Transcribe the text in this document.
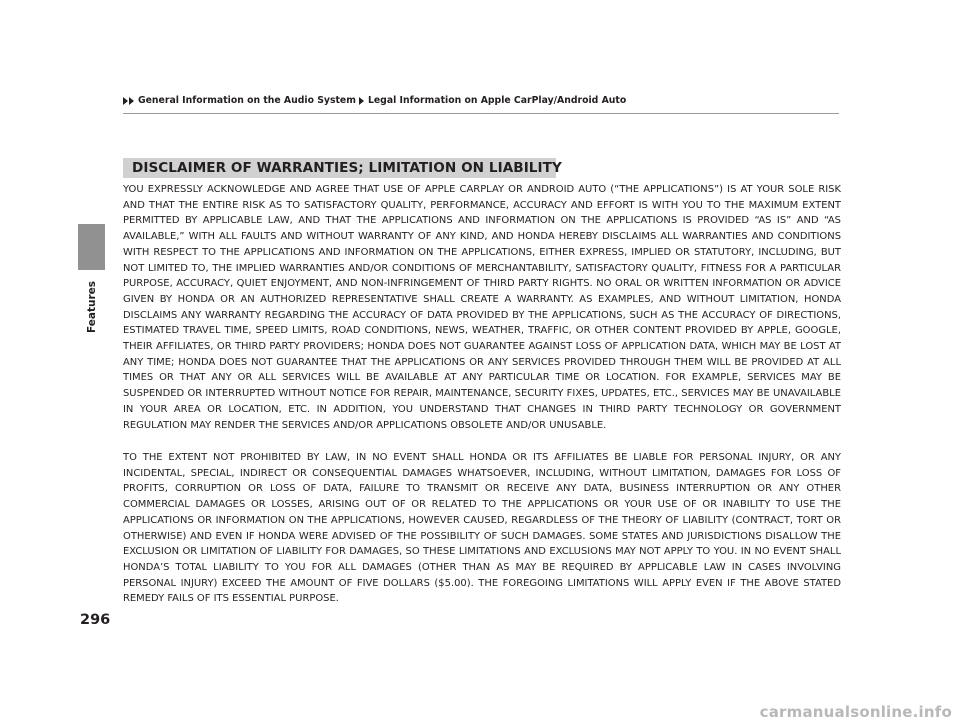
Features
General Information on the Audio System Legal Information on Apple CarPlay/Android Auto
DISCLAIMER OF WARRANTIES; LIMITATION ON LIABILITY

YOU EXPRESSLY ACKNOWLEDGE AND AGREE THAT USE OF APPLE CARPLAY OR ANDROID AUTO (“THE APPLICATIONS”) IS AT YOUR SOLE RISK AND THAT THE ENTIRE RISK AS TO SATISFACTORY QUALITY, PERFORMANCE, ACCURACY AND EFFORT IS WITH YOU TO THE MAXIMUM EXTENT PERMITTED BY APPLICABLE LAW, AND THAT THE APPLICATIONS AND INFORMATION ON THE APPLICATIONS IS PROVIDED “AS IS” AND “AS AVAILABLE,” WITH ALL FAULTS AND WITHOUT WARRANTY OF ANY KIND, AND HONDA HEREBY DISCLAIMS ALL WARRANTIES AND CONDITIONS WITH RESPECT TO THE APPLICATIONS AND INFORMATION ON THE APPLICATIONS, EITHER EXPRESS, IMPLIED OR STATUTORY, INCLUDING, BUT NOT LIMITED TO, THE IMPLIED WARRANTIES AND/OR CONDITIONS OF MERCHANTABILITY, SATISFACTORY QUALITY, FITNESS FOR A PARTICULAR PURPOSE, ACCURACY, QUIET ENJOYMENT, AND NON-INFRINGEMENT OF THIRD PARTY RIGHTS. NO ORAL OR WRITTEN INFORMATION OR ADVICE GIVEN BY HONDA OR AN AUTHORIZED REPRESENTATIVE SHALL CREATE A WARRANTY. AS EXAMPLES, AND WITHOUT LIMITATION, HONDA DISCLAIMS ANY WARRANTY REGARDING THE ACCURACY OF DATA PROVIDED BY THE APPLICATIONS, SUCH AS THE ACCURACY OF DIRECTIONS, ESTIMATED TRAVEL TIME, SPEED LIMITS, ROAD CONDITIONS, NEWS, WEATHER, TRAFFIC, OR OTHER CONTENT PROVIDED BY APPLE, GOOGLE, THEIR AFFILIATES, OR THIRD PARTY PROVIDERS; HONDA DOES NOT GUARANTEE AGAINST LOSS OF APPLICATION DATA, WHICH MAY BE LOST AT ANY TIME; HONDA DOES NOT GUARANTEE THAT THE APPLICATIONS OR ANY SERVICES PROVIDED THROUGH THEM WILL BE PROVIDED AT ALL TIMES OR THAT ANY OR ALL SERVICES WILL BE AVAILABLE AT ANY PARTICULAR TIME OR LOCATION. FOR EXAMPLE, SERVICES MAY BE SUSPENDED OR INTERRUPTED WITHOUT NOTICE FOR REPAIR, MAINTENANCE, SECURITY FIXES, UPDATES, ETC., SERVICES MAY BE UNAVAILABLE IN YOUR AREA OR LOCATION, ETC. IN ADDITION, YOU UNDERSTAND THAT CHANGES IN THIRD PARTY TECHNOLOGY OR GOVERNMENT REGULATION MAY RENDER THE SERVICES AND/OR APPLICATIONS OBSOLETE AND/OR UNUSABLE.

TO THE EXTENT NOT PROHIBITED BY LAW, IN NO EVENT SHALL HONDA OR ITS AFFILIATES BE LIABLE FOR PERSONAL INJURY, OR ANY INCIDENTAL, SPECIAL, INDIRECT OR CONSEQUENTIAL DAMAGES WHATSOEVER, INCLUDING, WITHOUT LIMITATION, DAMAGES FOR LOSS OF PROFITS, CORRUPTION OR LOSS OF DATA, FAILURE TO TRANSMIT OR RECEIVE ANY DATA, BUSINESS INTERRUPTION OR ANY OTHER COMMERCIAL DAMAGES OR LOSSES, ARISING OUT OF OR RELATED TO THE APPLICATIONS OR YOUR USE OF OR INABILITY TO USE THE APPLICATIONS OR INFORMATION ON THE APPLICATIONS, HOWEVER CAUSED, REGARDLESS OF THE THEORY OF LIABILITY (CONTRACT, TORT OR OTHERWISE) AND EVEN IF HONDA WERE ADVISED OF THE POSSIBILITY OF SUCH DAMAGES. SOME STATES AND JURISDICTIONS DISALLOW THE EXCLUSION OR LIMITATION OF LIABILITY FOR DAMAGES, SO THESE LIMITATIONS AND EXCLUSIONS MAY NOT APPLY TO YOU. IN NO EVENT SHALL HONDA’S TOTAL LIABILITY TO YOU FOR ALL DAMAGES (OTHER THAN AS MAY BE REQUIRED BY APPLICABLE LAW IN CASES INVOLVING PERSONAL INJURY) EXCEED THE AMOUNT OF FIVE DOLLARS ($5.00). THE FOREGOING LIMITATIONS WILL APPLY EVEN IF THE ABOVE STATED REMEDY FAILS OF ITS ESSENTIAL PURPOSE.

296
carmanualsonline.info
